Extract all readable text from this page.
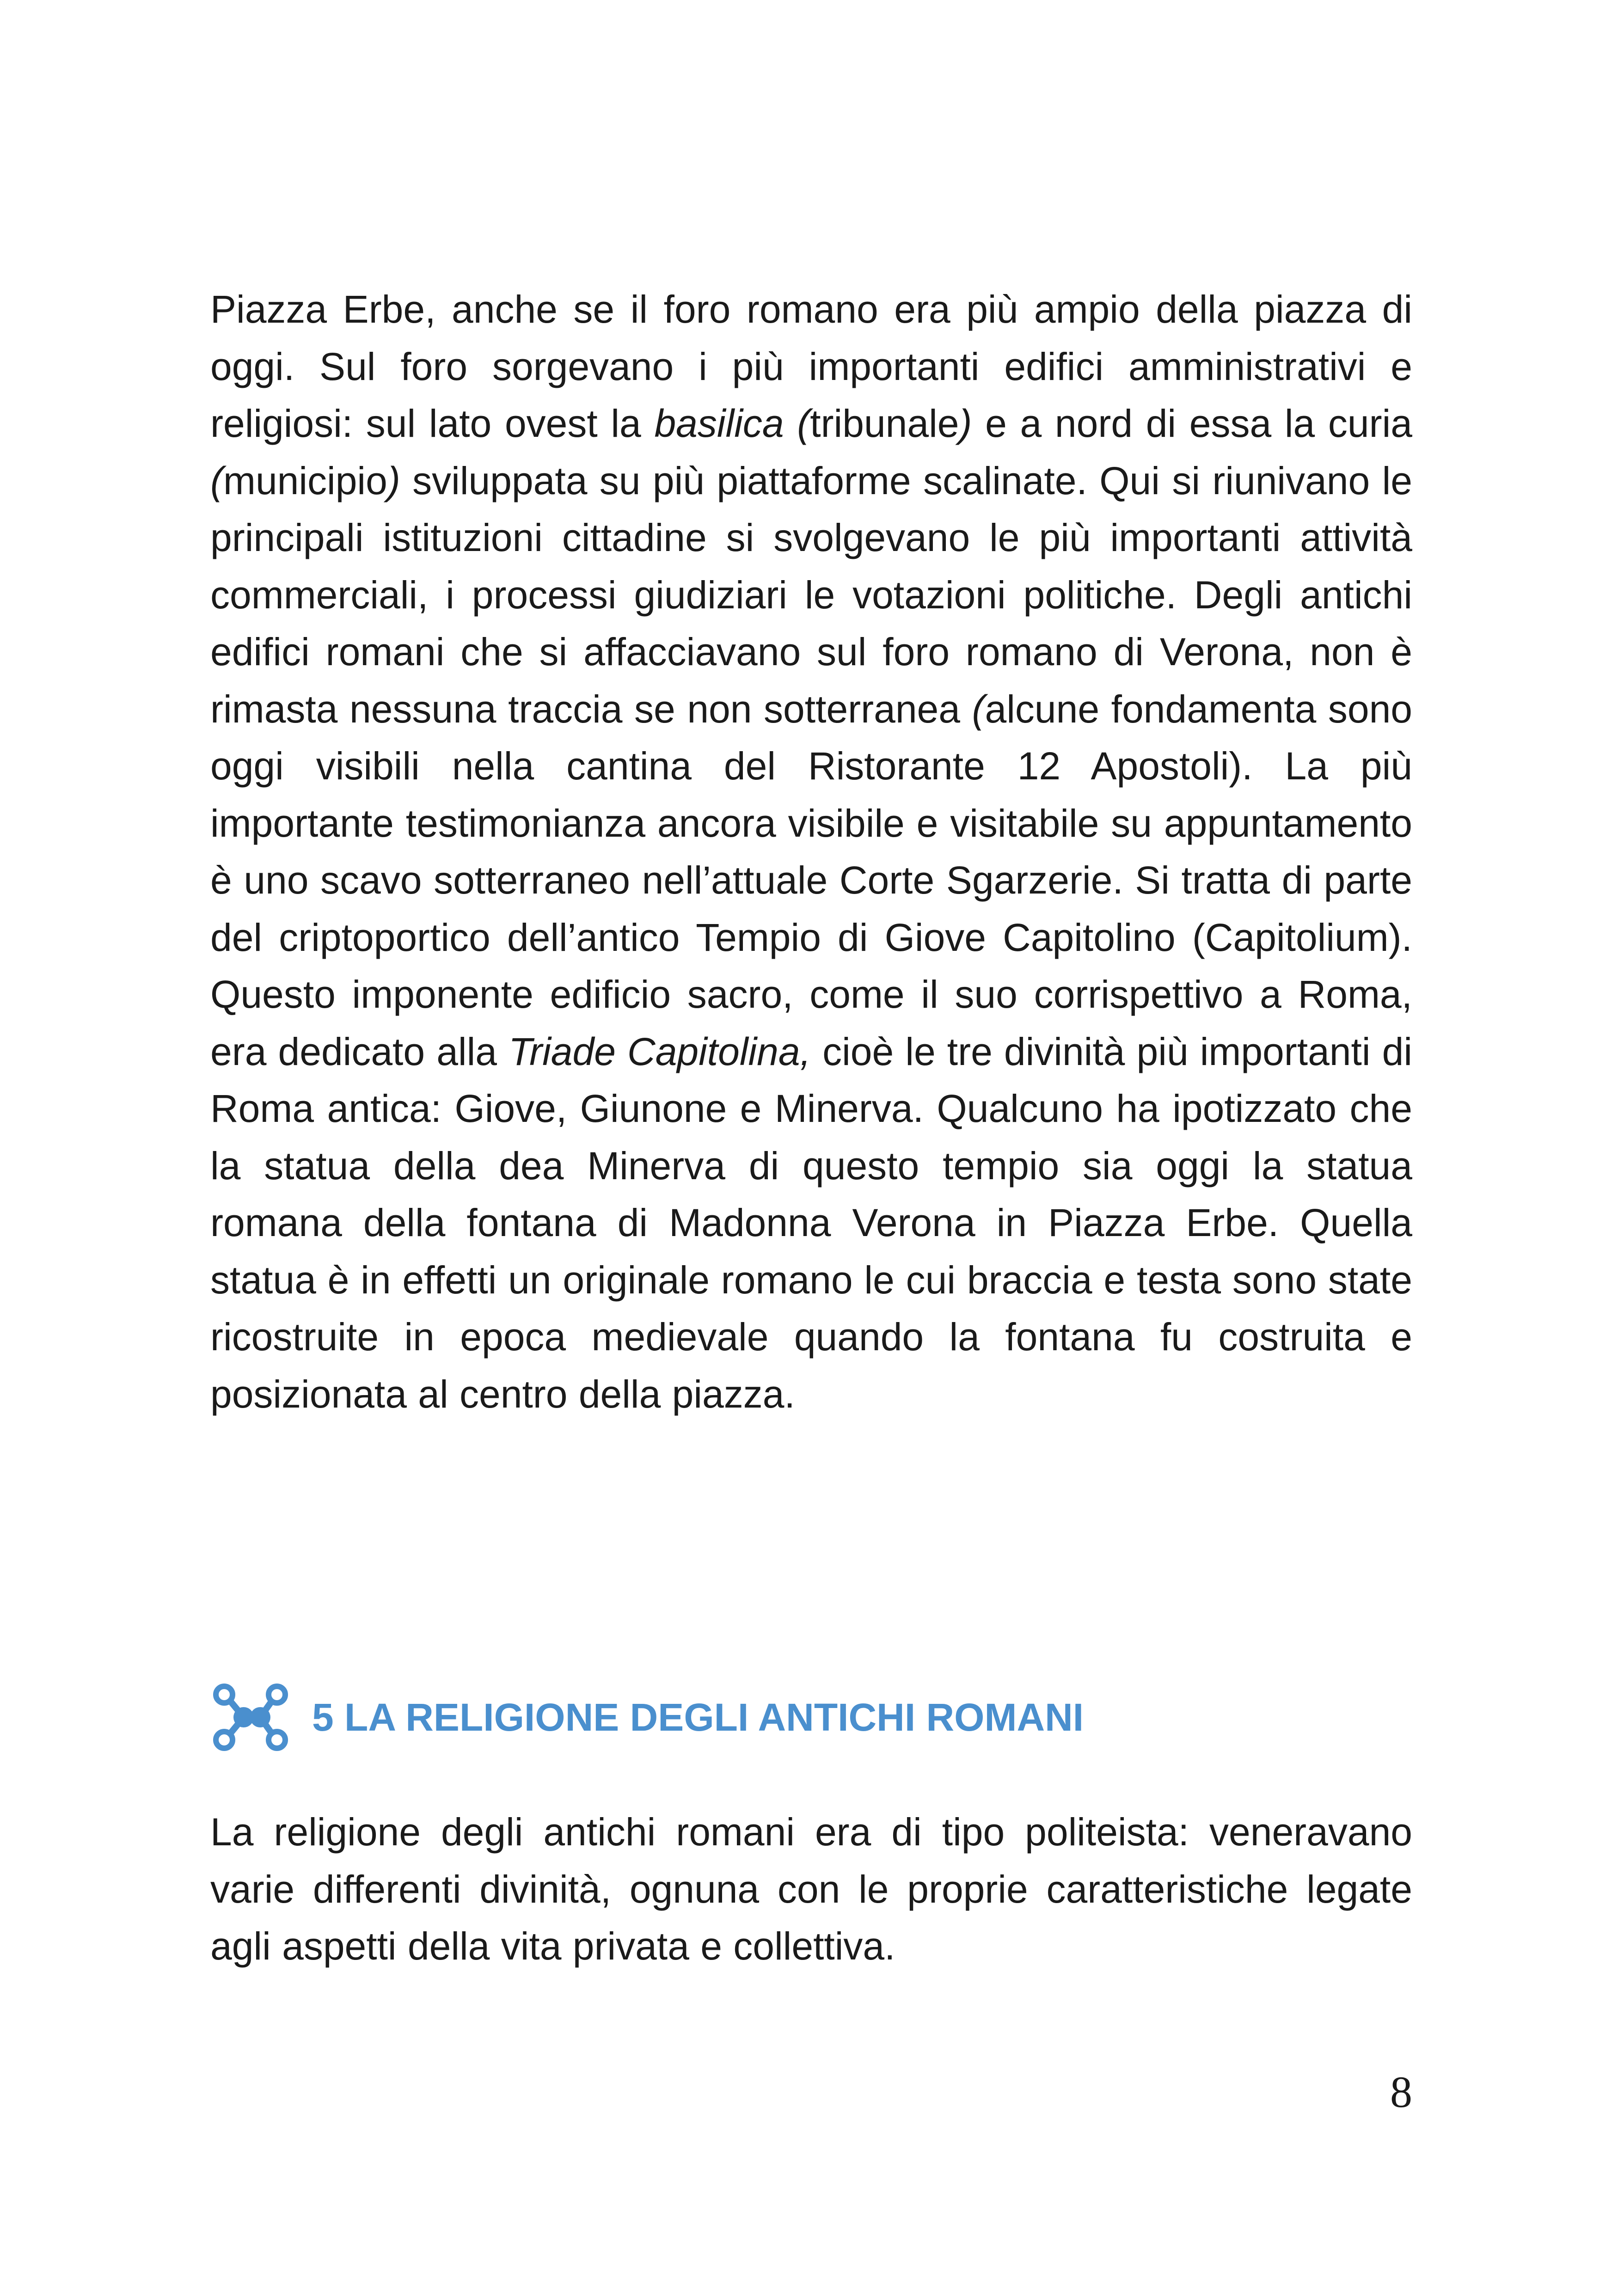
Piazza Erbe, anche se il foro romano era più ampio della piazza di oggi. Sul foro sorgevano i più importanti edifici amministrativi e religiosi: sul lato ovest la basilica (tribunale) e a nord di essa la curia (municipio) sviluppata su più piattaforme scalinate. Qui si riunivano le principali istituzioni cittadine si svolgevano le più importanti attività commerciali, i processi giudiziari le votazioni politiche. Degli antichi edifici romani che si affacciavano sul foro romano di Verona, non è rimasta nessuna traccia se non sotterranea (alcune fondamenta sono oggi visibili nella cantina del Ristorante 12 Apostoli). La più importante testimonianza ancora visibile e visitabile su appuntamento è uno scavo sotterraneo nell’attuale Corte Sgarzerie. Si tratta di parte del criptoportico dell’antico Tempio di Giove Capitolino (Capitolium). Questo imponente edificio sacro, come il suo corrispettivo a Roma, era dedicato alla Triade Capitolina, cioè le tre divinità più importanti di Roma antica: Giove, Giunone e Minerva. Qualcuno ha ipotizzato che la statua della dea Minerva di questo tempio sia oggi la statua romana della fontana di Madonna Verona in Piazza Erbe. Quella statua è in effetti un originale romano le cui braccia e testa sono state ricostruite in epoca medievale quando la fontana fu costruita e posizionata al centro della piazza.

5 LA RELIGIONE DEGLI ANTICHI ROMANI

La religione degli antichi romani era di tipo politeista: veneravano varie differenti divinità, ognuna con le proprie caratteristiche legate agli aspetti della vita privata e collettiva.

8
